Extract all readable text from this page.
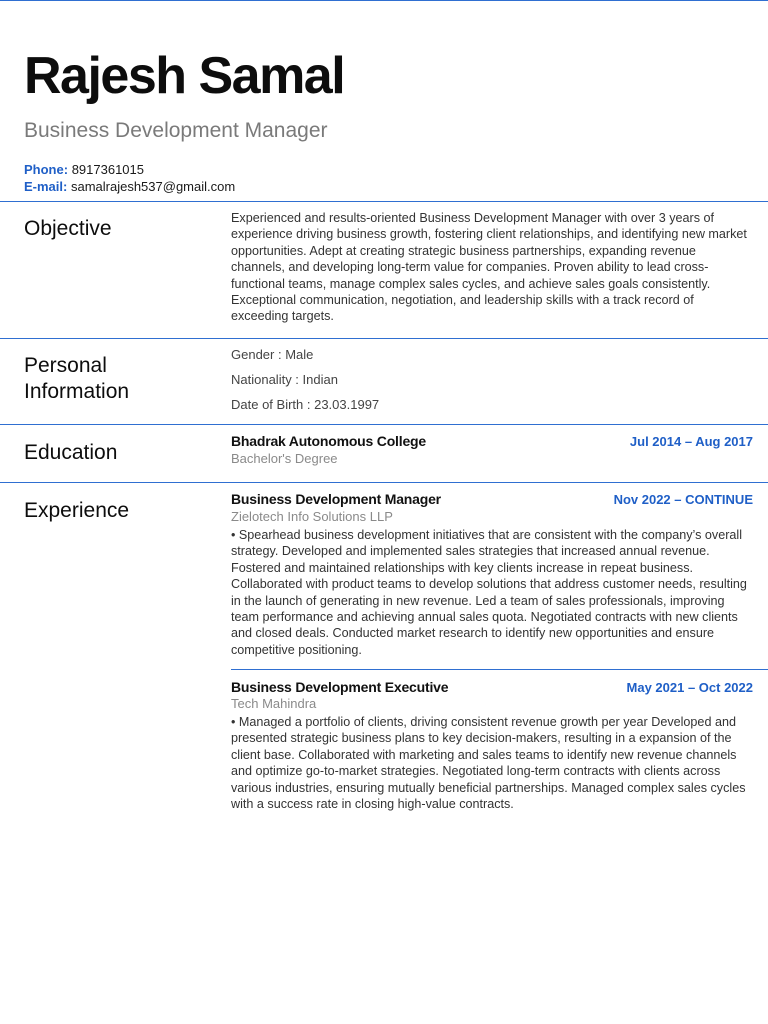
Rajesh Samal
Business Development Manager
Phone: 8917361015
E-mail: samalrajesh537@gmail.com
Objective	Experienced and results-oriented Business Development Manager with over 3 years of experience driving business growth, fostering client relationships, and identifying new market opportunities. Adept at creating strategic business partnerships, expanding revenue channels, and developing long-term value for companies. Proven ability to lead cross-functional teams, manage complex sales cycles, and achieve sales goals consistently. Exceptional communication, negotiation, and leadership skills with a track record of exceeding targets.

Personal
Information
Gender : Male
Nationality : Indian
Date of Birth : 23.03.1997
Education	Bhadrak Autonomous College	Jul 2014 – Aug 2017
Bachelor's Degree
Experience	Business Development Manager	Nov 2022 – CONTINUE
Zielotech Info Solutions LLP

• Spearhead business development initiatives that are consistent with the company’s overall strategy. Developed and implemented sales strategies that increased annual revenue. Fostered and maintained relationships with key clients increase in repeat business. Collaborated with product teams to develop solutions that address customer needs, resulting in the launch of generating in new revenue. Led a team of sales professionals, improving team performance and achieving annual sales quota. Negotiated contracts with new clients and closed deals. Conducted market research to identify new opportunities and ensure competitive positioning.

Business Development Executive	May 2021 – Oct 2022
Tech Mahindra

• Managed a portfolio of clients, driving consistent revenue growth per year Developed and presented strategic business plans to key decision-makers, resulting in a expansion of the client base. Collaborated with marketing and sales teams to identify new revenue channels and optimize go-to-market strategies. Negotiated long-term contracts with clients across various industries, ensuring mutually beneficial partnerships. Managed complex sales cycles with a success rate in closing high-value contracts.
